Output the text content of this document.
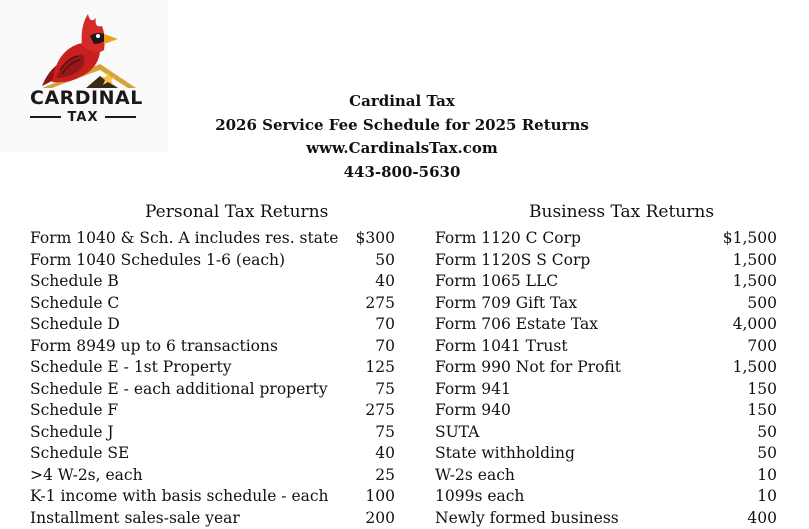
CARDINAL
TAX
Cardinal Tax
2026 Service Fee Schedule for 2025 Returns
www.CardinalsTax.com
443-800-5630
Personal Tax Returns	Business Tax Returns
Form 1040 & Sch. A includes res. state $300
Form 1040 Schedules 1-6 (each)	50
Schedule B	40
Schedule C	275
Schedule D	70
Form 8949 up to 6 transactions	70
Schedule E - 1st Property	125
Schedule E - each additional property	75
Schedule F	275
Schedule J	75
Schedule SE	40
>4 W-2s, each	25
K-1 income with basis schedule - each 100
Installment sales-sale year	200
Form 1120 C Corp	$1,500
Form 1120S S Corp	1,500
Form 1065 LLC	1,500
Form 709 Gift Tax	500
Form 706 Estate Tax	4,000
Form 1041 Trust	700
Form 990 Not for Profit	1,500
Form 941	150
Form 940	150
SUTA	50
State withholding	50
W-2s each	10
1099s each	10
Newly formed business	400
